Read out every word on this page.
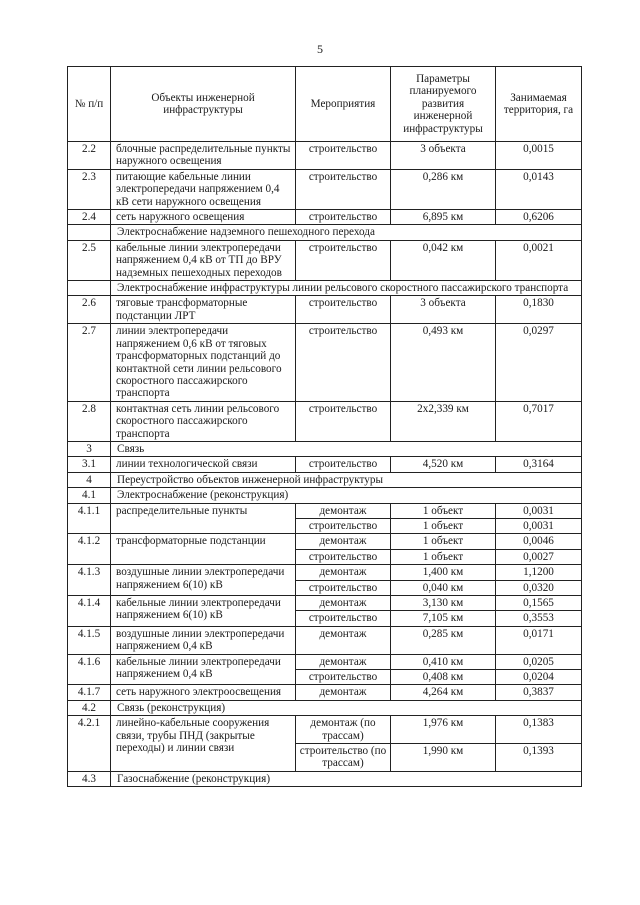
5
№ п/п	Объекты инженерной инфраструктуры	Мероприятия	Параметры планируемого развития инженерной инфраструктуры	Занимаемая территория, га
2.2	блочные распределительные пункты наружного освещения	строительство	3 объекта	0,0015
2.3	питающие кабельные линии электропередачи напряжением 0,4 кВ сети наружного освещения	строительство	0,286 км	0,0143
2.4	сеть наружного освещения	строительство	6,895 км	0,6206
	Электроснабжение надземного пешеходного перехода			
2.5	кабельные линии электропередачи напряжением 0,4 кВ от ТП до ВРУ надземных пешеходных переходов	строительство	0,042 км	0,0021
	Электроснабжение инфраструктуры линии рельсового скоростного пассажирского транспорта			
2.6	тяговые трансформаторные подстанции ЛРТ	строительство	3 объекта	0,1830
2.7	линии электропередачи напряжением 0,6 кВ от тяговых трансформаторных подстанций до контактной сети линии рельсового скоростного пассажирского транспорта	строительство	0,493 км	0,0297
2.8	контактная сеть линии рельсового скоростного пассажирского транспорта	строительство	2х2,339 км	0,7017
3	Связь			
3.1	линии технологической связи	строительство	4,520 км	0,3164
4	Переустройство объектов инженерной инфраструктуры			
4.1	Электроснабжение (реконструкция)			
4.1.1	распределительные пункты	демонтаж	1 объект	0,0031
		строительство	1 объект	0,0031
4.1.2	трансформаторные подстанции	демонтаж	1 объект	0,0046
		строительство	1 объект	0,0027
4.1.3	воздушные линии электропередачи напряжением 6(10) кВ	демонтаж	1,400 км	1,1200
		строительство	0,040 км	0,0320
4.1.4	кабельные линии электропередачи напряжением 6(10) кВ	демонтаж	3,130 км	0,1565
		строительство	7,105 км	0,3553
4.1.5	воздушные линии электропередачи напряжением 0,4 кВ	демонтаж	0,285 км	0,0171
4.1.6	кабельные линии электропередачи напряжением 0,4 кВ	демонтаж	0,410 км	0,0205
		строительство	0,408 км	0,0204
4.1.7	сеть наружного электроосвещения	демонтаж	4,264 км	0,3837
4.2	Связь (реконструкция)			
4.2.1	линейно-кабельные сооружения связи, трубы ПНД (закрытые переходы) и линии связи	демонтаж (по трассам)	1,976 км	0,1383
		строительство (по трассам)	1,990 км	0,1393
4.3	Газоснабжение (реконструкция)			
